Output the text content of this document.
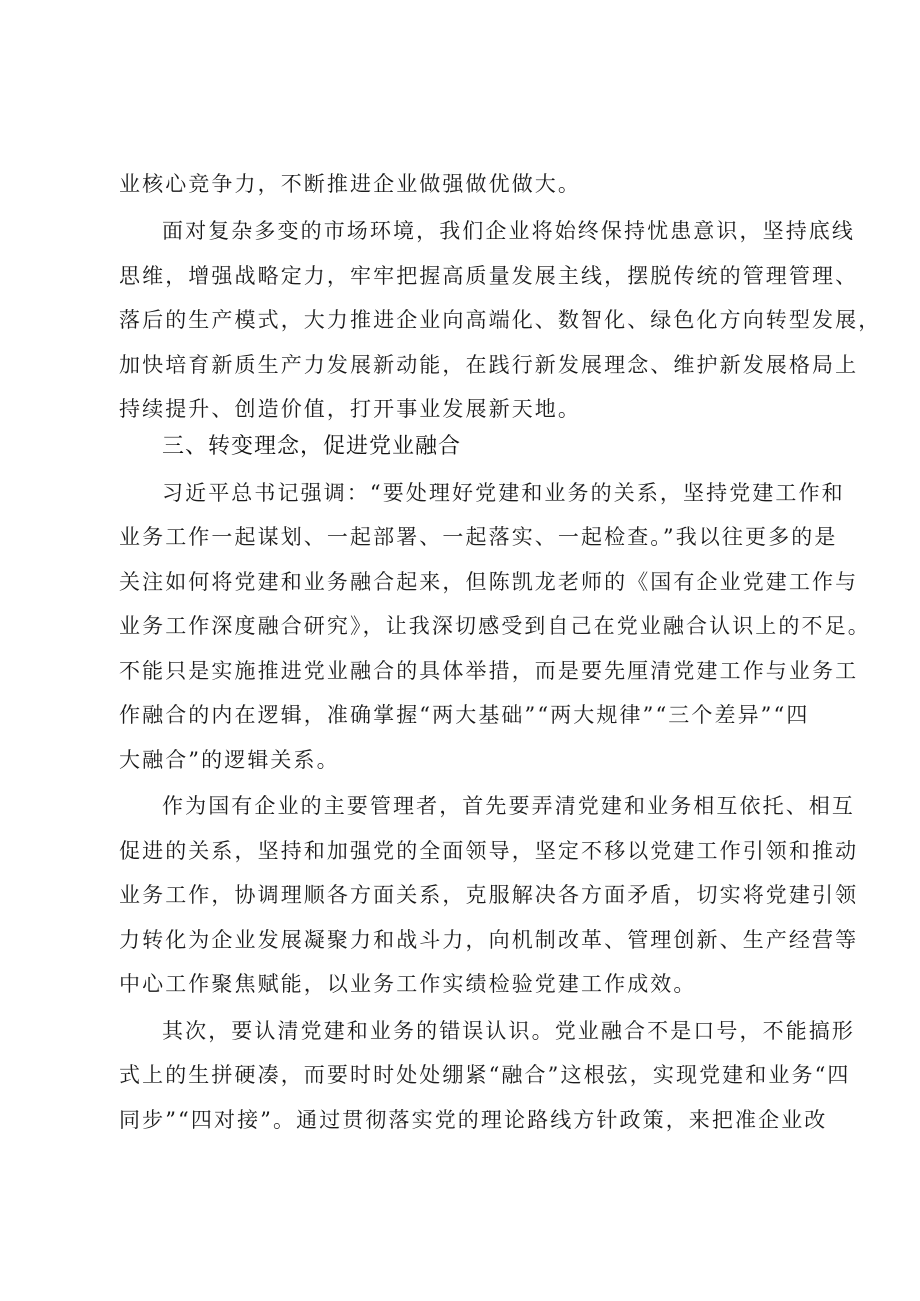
业核心竞争力，不断推进企业做强做优做大。
面对复杂多变的市场环境，我们企业将始终保持忧患意识，坚持底线
思维，增强战略定力，牢牢把握高质量发展主线，摆脱传统的管理管理、
落后的生产模式，大力推进企业向高端化、数智化、绿色化方向转型发展，
加快培育新质生产力发展新动能，在践行新发展理念、维护新发展格局上
持续提升、创造价值，打开事业发展新天地。
三、转变理念，促进党业融合
习近平总书记强调：“要处理好党建和业务的关系，坚持党建工作和
业务工作一起谋划、一起部署、一起落实、一起检查。”我以往更多的是
关注如何将党建和业务融合起来，但陈凯龙老师的《国有企业党建工作与
业务工作深度融合研究》，让我深切感受到自己在党业融合认识上的不足。
不能只是实施推进党业融合的具体举措，而是要先厘清党建工作与业务工
作融合的内在逻辑，准确掌握“两大基础”“两大规律”“三个差异”“四
大融合”的逻辑关系。
作为国有企业的主要管理者，首先要弄清党建和业务相互依托、相互
促进的关系，坚持和加强党的全面领导，坚定不移以党建工作引领和推动
业务工作，协调理顺各方面关系，克服解决各方面矛盾，切实将党建引领
力转化为企业发展凝聚力和战斗力，向机制改革、管理创新、生产经营等
中心工作聚焦赋能，以业务工作实绩检验党建工作成效。
其次，要认清党建和业务的错误认识。党业融合不是口号，不能搞形
式上的生拼硬凑，而要时时处处绷紧“融合”这根弦，实现党建和业务“四
同步”“四对接”。通过贯彻落实党的理论路线方针政策，来把准企业改
